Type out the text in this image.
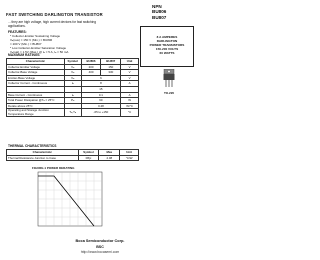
NPN
BU806
BU807
FAST SWITCHING DARLINGTON TRANSISTOR
... they are high voltage, high current devices for fast switching applications.
FEATURES:
* Collector-Emitter Sustaining Voltage
Vₙ(sus) = 150 V (Min.) = BU806
= 200 V (Min.) = BU807
* Low Collector-Emitter Saturation Voltage
Vₙ(sat) = 1.5V (Max.) @ Iₙ = 5 A, Iₙ = 50 mA
8 A AMPERES
DARLINGTON
POWER TRANSISTORS
150-200 VOLTS
60 WATTS
TO-220
MAXIMUM RATINGS
Characteristic	Symbol	BU806	BU807	Unit
Collector-Emitter Voltage	Vₙ	200	150	V
Collector-Base Voltage	Vₙ	400	330	V
Emitter-Base Voltage	Vₙ	6		V
Collector Current - Continuous	Iₙ	8		A
		15		
Base Current - Continuous	Iₙ	0.1		A
Total Power Dissipation @Tₙ = 25°C	Pₙ	60		W
Derate above 25°C		0.48		W/°C
Operating and Storage Junction Temperature Range	Tₙ,Tₙ	-65 to +150		°C
THERMAL CHARACTERISTICS
Characteristic	Symbol	Max	Unit
Thermal Resistance Junction to Case	Rθjc	2.08	°C/W
FIGURE-1 POWER DERATING
Boca Semiconductor Corp.
BSC
http://www.bocasemi.com
